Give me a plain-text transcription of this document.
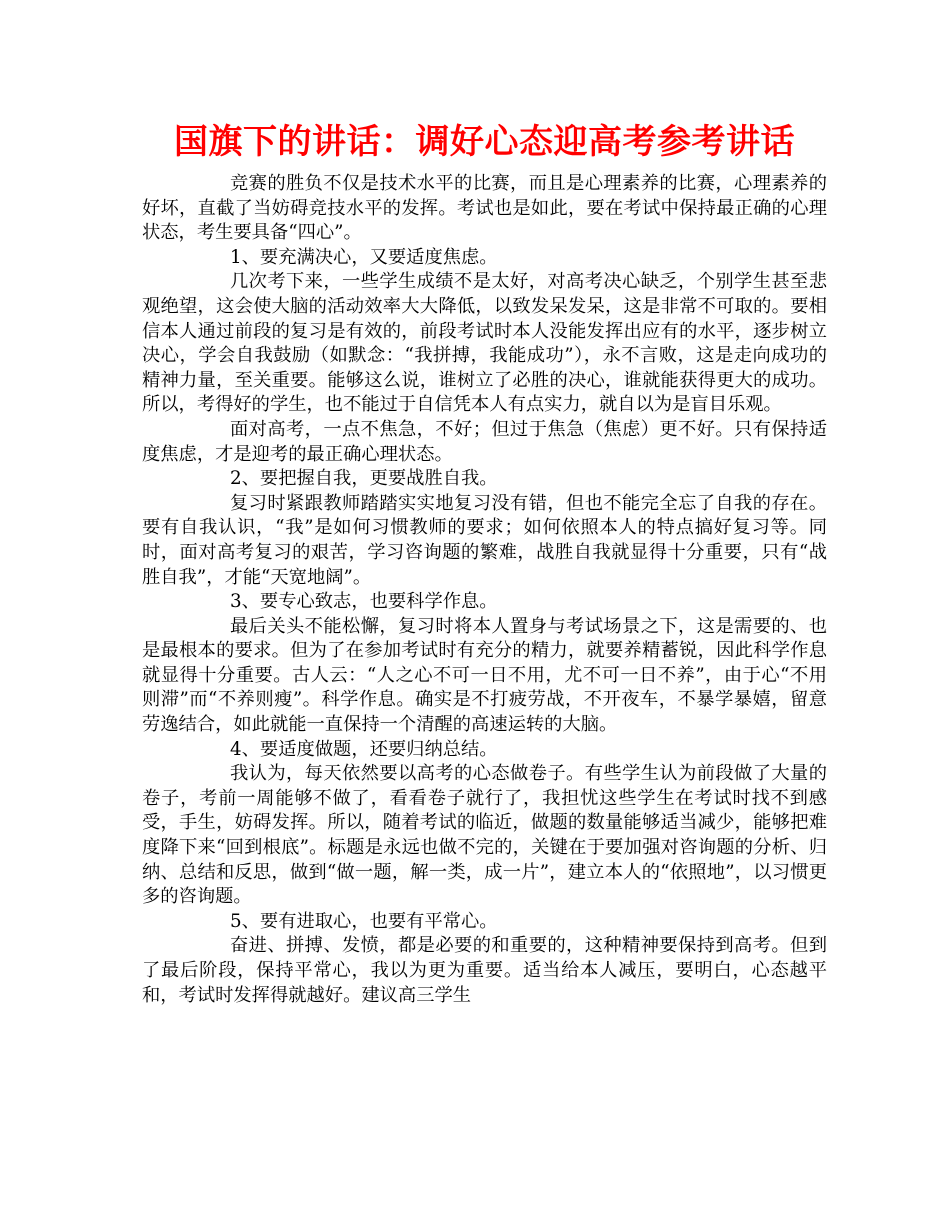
国旗下的讲话：调好心态迎高考参考讲话

竞赛的胜负不仅是技术水平的比赛，而且是心理素养的比赛，心理素养的好坏，直截了当妨碍竞技水平的发挥。考试也是如此，要在考试中保持最正确的心理状态，考生要具备“四心”。

1、要充满决心，又要适度焦虑。

几次考下来，一些学生成绩不是太好，对高考决心缺乏，个别学生甚至悲观绝望，这会使大脑的活动效率大大降低，以致发呆发呆，这是非常不可取的。要相信本人通过前段的复习是有效的，前段考试时本人没能发挥出应有的水平，逐步树立决心，学会自我鼓励（如默念：“我拼搏，我能成功”），永不言败，这是走向成功的精神力量，至关重要。能够这么说，谁树立了必胜的决心，谁就能获得更大的成功。所以，考得好的学生，也不能过于自信凭本人有点实力，就自以为是盲目乐观。

面对高考，一点不焦急，不好；但过于焦急（焦虑）更不好。只有保持适度焦虑，才是迎考的最正确心理状态。

2、要把握自我，更要战胜自我。

复习时紧跟教师踏踏实实地复习没有错，但也不能完全忘了自我的存在。要有自我认识，“我”是如何习惯教师的要求；如何依照本人的特点搞好复习等。同时，面对高考复习的艰苦，学习咨询题的繁难，战胜自我就显得十分重要，只有“战胜自我”，才能“天宽地阔”。

3、要专心致志，也要科学作息。

最后关头不能松懈，复习时将本人置身与考试场景之下，这是需要的、也是最根本的要求。但为了在参加考试时有充分的精力，就要养精蓄锐，因此科学作息就显得十分重要。古人云：“人之心不可一日不用，尤不可一日不养”，由于心“不用则滞”而“不养则瘦”。科学作息。确实是不打疲劳战，不开夜车，不暴学暴嬉，留意劳逸结合，如此就能一直保持一个清醒的高速运转的大脑。

4、要适度做题，还要归纳总结。

我认为，每天依然要以高考的心态做卷子。有些学生认为前段做了大量的卷子，考前一周能够不做了，看看卷子就行了，我担忧这些学生在考试时找不到感受，手生，妨碍发挥。所以，随着考试的临近，做题的数量能够适当减少，能够把难度降下来“回到根底”。标题是永远也做不完的，关键在于要加强对咨询题的分析、归纳、总结和反思，做到“做一题，解一类，成一片”，建立本人的“依照地”，以习惯更多的咨询题。

5、要有进取心，也要有平常心。

奋进、拼搏、发愤，都是必要的和重要的，这种精神要保持到高考。但到了最后阶段，保持平常心，我以为更为重要。适当给本人减压，要明白，心态越平和，考试时发挥得就越好。建议高三学生
